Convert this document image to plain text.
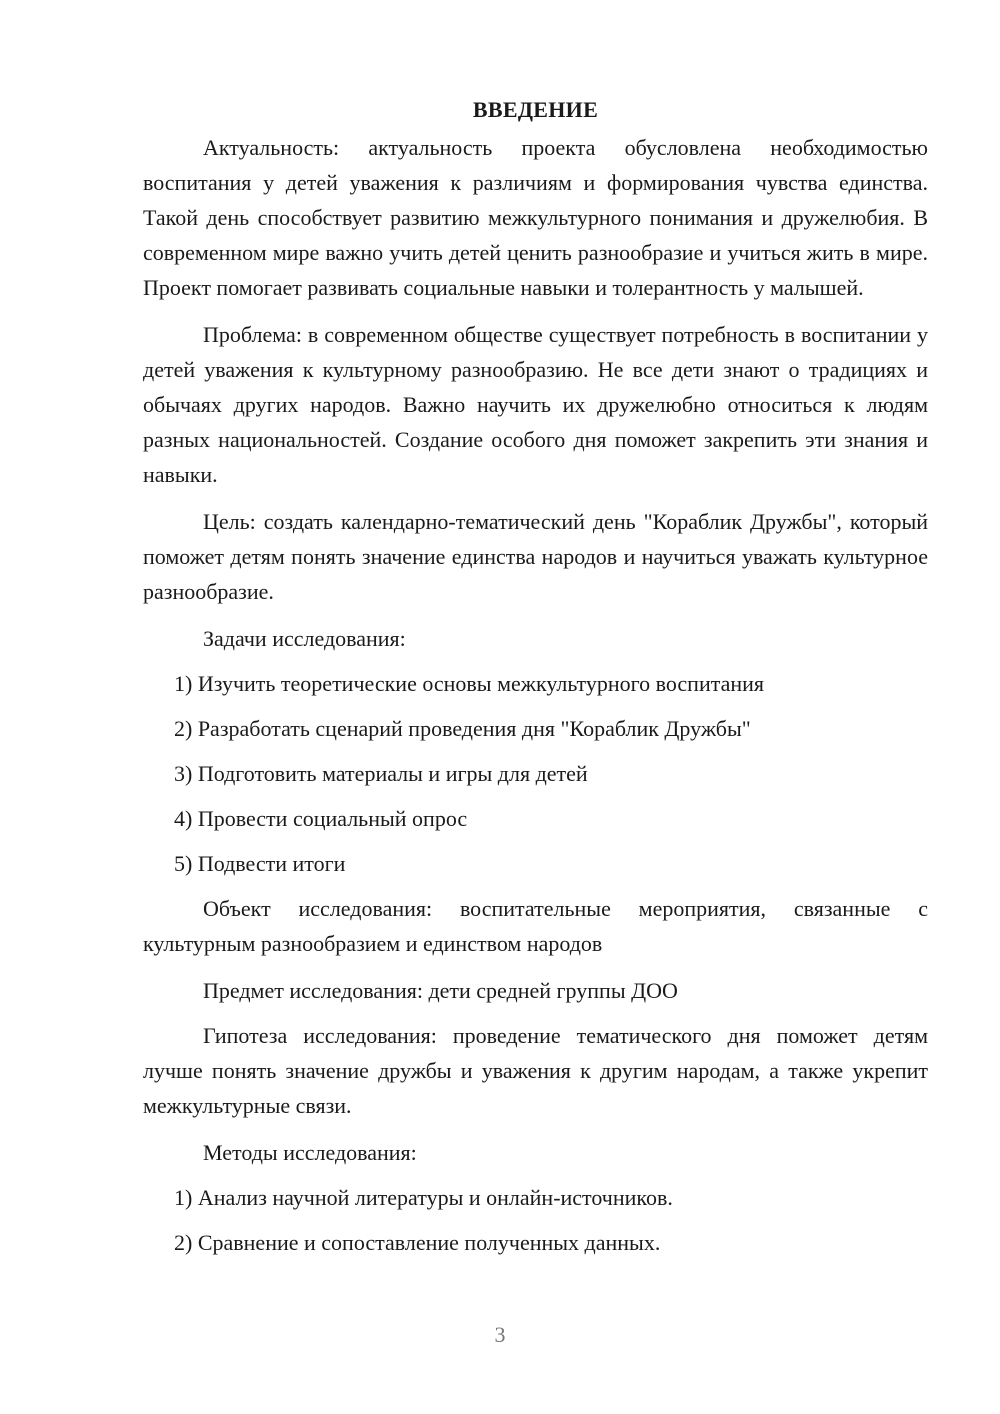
ВВЕДЕНИЕ

Актуальность: актуальность проекта обусловлена необходимостью воспитания у детей уважения к различиям и формирования чувства единства. Такой день способствует развитию межкультурного понимания и дружелюбия. В современном мире важно учить детей ценить разнообразие и учиться жить в мире. Проект помогает развивать социальные навыки и толерантность у малышей.

Проблема: в современном обществе существует потребность в воспитании у детей уважения к культурному разнообразию. Не все дети знают о традициях и обычаях других народов. Важно научить их дружелюбно относиться к людям разных национальностей. Создание особого дня поможет закрепить эти знания и навыки.

Цель: создать календарно-тематический день "Кораблик Дружбы", который поможет детям понять значение единства народов и научиться уважать культурное разнообразие.

Задачи исследования:

1) Изучить теоретические основы межкультурного воспитания
2) Разработать сценарий проведения дня "Кораблик Дружбы"
3) Подготовить материалы и игры для детей
4) Провести социальный опрос
5) Подвести итоги

Объект исследования: воспитательные мероприятия, связанные с культурным разнообразием и единством народов

Предмет исследования: дети средней группы ДОО

Гипотеза исследования: проведение тематического дня поможет детям лучше понять значение дружбы и уважения к другим народам, а также укрепит межкультурные связи.

Методы исследования:

1) Анализ научной литературы и онлайн-источников.
2) Сравнение и сопоставление полученных данных.
3
